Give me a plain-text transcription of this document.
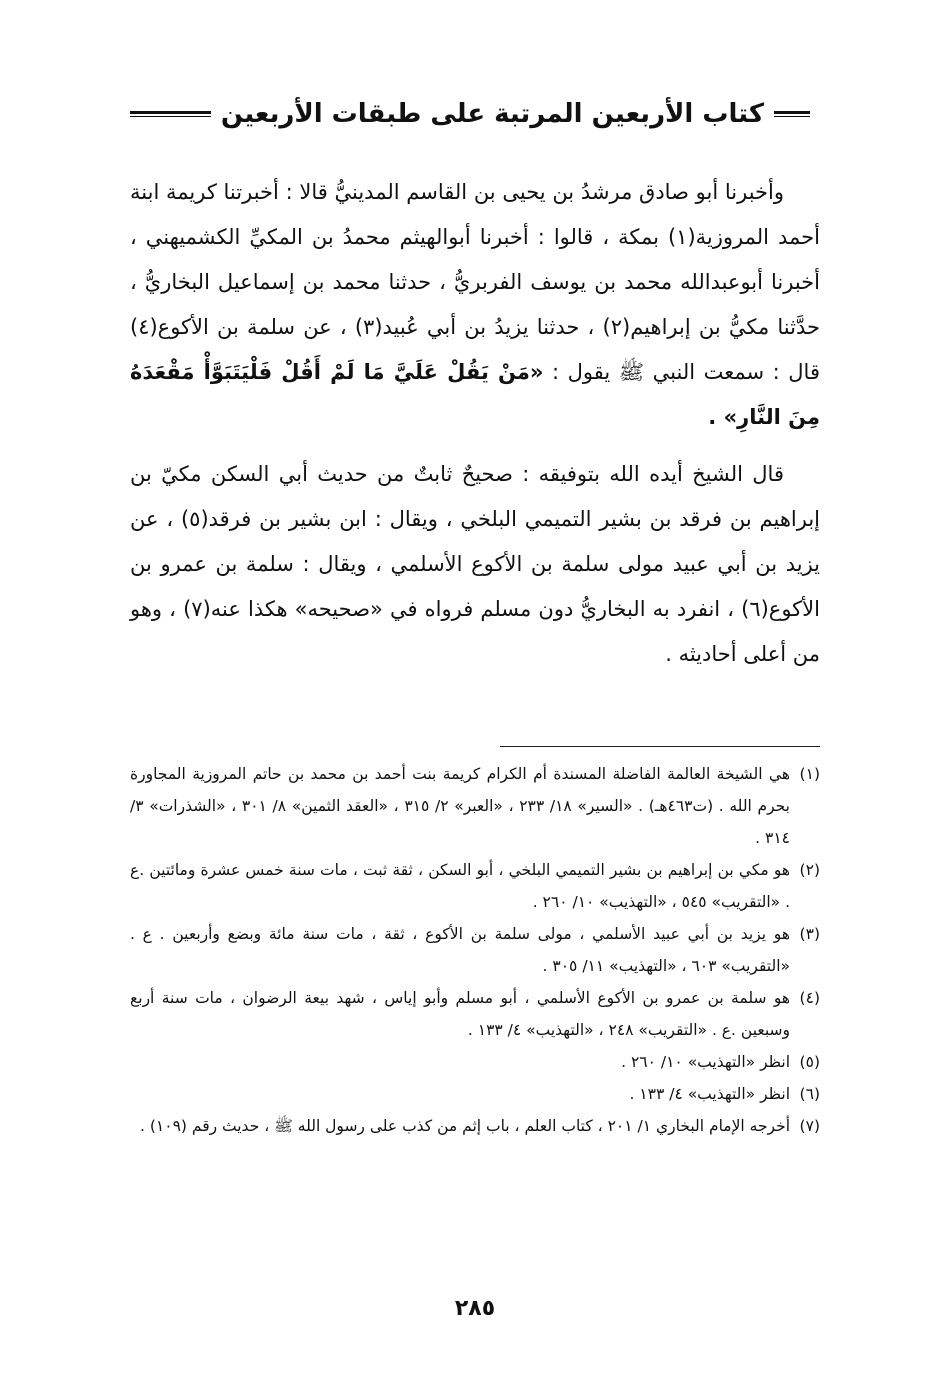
كتاب الأربعين المرتبة على طبقات الأربعين

وأخبرنا أبو صادق مرشدُ بن يحيى بن القاسم المدينيُّ قالا : أخبرتنا كريمة ابنة أحمد المروزية(١) بمكة ، قالوا : أخبرنا أبوالهيثم محمدُ بن المكيِّ الكشميهني ، أخبرنا أبوعبدالله محمد بن يوسف الفربريُّ ، حدثنا محمد بن إسماعيل البخاريُّ ، حدَّثنا مكيُّ بن إبراهيم(٢) ، حدثنا يزيدُ بن أبي عُبيد(٣) ، عن سلمة بن الأكوع(٤) قال : سمعت النبي ﷺ يقول : «مَنْ يَقُلْ عَلَيَّ مَا لَمْ أَقُلْ فَلْيَتَبَوَّأْ مَقْعَدَهُ مِنَ النَّارِ» .

قال الشيخ أيده الله بتوفيقه : صحيحٌ ثابتٌ من حديث أبي السكن مكيّ بن إبراهيم بن فرقد بن بشير التميمي البلخي ، ويقال : ابن بشير بن فرقد(٥) ، عن يزيد بن أبي عبيد مولى سلمة بن الأكوع الأسلمي ، ويقال : سلمة بن عمرو بن الأكوع(٦) ، انفرد به البخاريُّ دون مسلم فرواه في «صحيحه» هكذا عنه(٧) ، وهو من أعلى أحاديثه .

(١)
هي الشيخة العالمة الفاضلة المسندة أم الكرام كريمة بنت أحمد بن محمد بن حاتم المروزية المجاورة بحرم الله . (ت٤٦٣هـ) . «السير» ١٨/ ٢٣٣ ، «العبر» ٢/ ٣١٥ ، «العقد الثمين» ٨/ ٣٠١ ، «الشذرات» ٣/ ٣١٤ .
(٢)
هو مكي بن إبراهيم بن بشير التميمي البلخي ، أبو السكن ، ثقة ثبت ، مات سنة خمس عشرة ومائتين .ع . «التقريب» ٥٤٥ ، «التهذيب» ١٠/ ٢٦٠ .
(٣)
هو يزيد بن أبي عبيد الأسلمي ، مولى سلمة بن الأكوع ، ثقة ، مات سنة مائة وبضع وأربعين . ع . «التقريب» ٦٠٣ ، «التهذيب» ١١/ ٣٠٥ .
(٤)
هو سلمة بن عمرو بن الأكوع الأسلمي ، أبو مسلم وأبو إياس ، شهد بيعة الرضوان ، مات سنة أربع وسبعين .ع . «التقريب» ٢٤٨ ، «التهذيب» ٤/ ١٣٣ .
(٥)
انظر «التهذيب» ١٠/ ٢٦٠ .
(٦)
انظر «التهذيب» ٤/ ١٣٣ .
(٧)
أخرجه الإمام البخاري ١/ ٢٠١ ، كتاب العلم ، باب إثم من كذب على رسول الله ﷺ ، حديث رقم (١٠٩) .
٢٨٥
